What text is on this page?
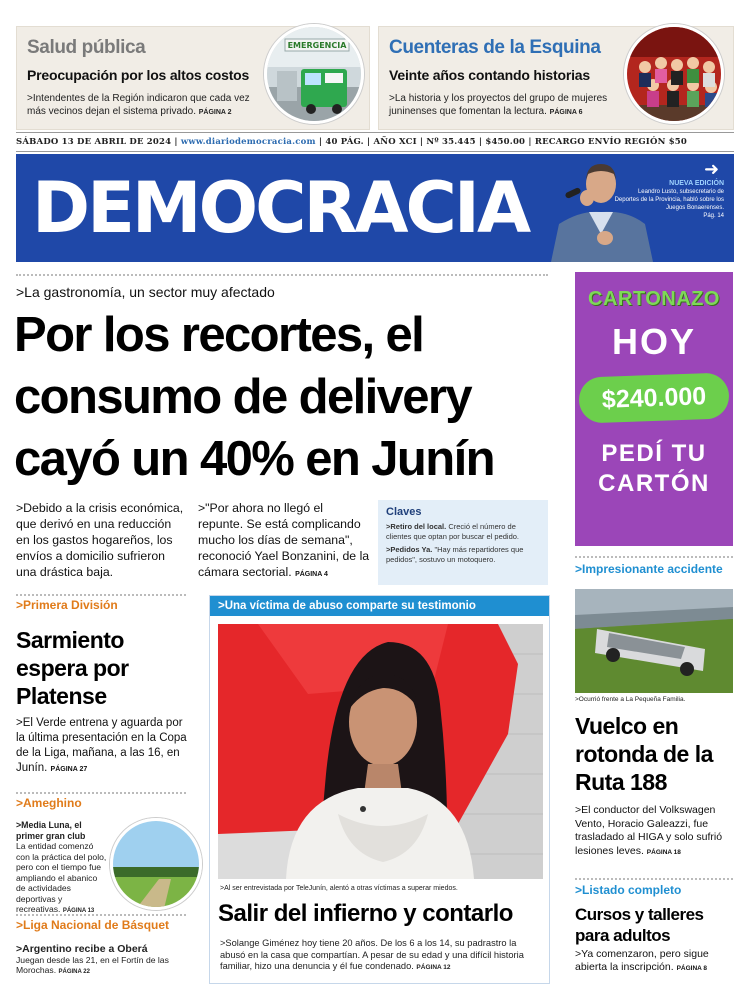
Salud pública
Preocupación por los altos costos

>Intendentes de la Región indicaron que cada vez más vecinos dejan el sistema privado. PÁGINA 2

EMERGENCIA Cuenteras de la Esquina
Veinte años contando historias

>La historia y los proyectos del grupo de mujeres juninenses que fomentan la lectura. PÁGINA 6

SÁBADO 13 DE ABRIL DE 2024 | www.diariodemocracia.com | 40 PÁG. | AÑO XCI | Nº 35.445 | $450.00 | RECARGO ENVÍO REGIÓN $50
DEMOCRACIA	➜
NUEVA EDICIÓN
Leandro Lusto, subsecretario de Deportes de la Provincia, habló sobre los Juegos Bonaerenses.
Pág. 14
>La gastronomía, un sector muy afectado
Por los recortes, el consumo de delivery cayó un 40% en Junín
>Debido a la crisis económica, que derivó en una reducción en los gastos hogareños, los envíos a domicilio sufrieron una drástica baja.
>"Por ahora no llegó el repunte. Se está complicando mucho los días de semana", reconoció Yael Bonzanini, de la cámara sectorial. PÁGINA 4
Claves

>Retiro del local. Creció el número de clientes que optan por buscar el pedido.

>Pedidos Ya. "Hay más repartidores que pedidos", sostuvo un motoquero.

>Primera División
Sarmiento espera por Platense
>El Verde entrena y aguarda por la última presentación en la Copa de la Liga, mañana, a las 16, en Junín. PÁGINA 27
>Ameghino
>Media Luna, el primer gran club
La entidad comenzó con la práctica del polo, pero con el tiempo fue ampliando el abanico de actividades deportivas y recreativas. PÁGINA 13
>Liga Nacional de Básquet
>Argentino recibe a Oberá
Juegan desde las 21, en el Fortín de las Morochas. PÁGINA 22
>Una víctima de abuso comparte su testimonio
>Al ser entrevistada por TeleJunín, alentó a otras víctimas a superar miedos.
Salir del infierno y contarlo
>Solange Giménez hoy tiene 20 años. De los 6 a los 14, su padrastro la abusó en la casa que compartían. A pesar de su edad y una difícil historia familiar, hizo una denuncia y él fue condenado. PÁGINA 12
CARTONAZO
HOY
$240.000
PEDÍ TU
CARTÓN
>Impresionante accidente
>Ocurrió frente a La Pequeña Familia.
Vuelco en rotonda de la Ruta 188
>El conductor del Volkswagen Vento, Horacio Galeazzi, fue trasladado al HIGA y solo sufrió lesiones leves. PÁGINA 18
>Listado completo
Cursos y talleres para adultos
>Ya comenzaron, pero sigue abierta la inscripción. PÁGINA 8
